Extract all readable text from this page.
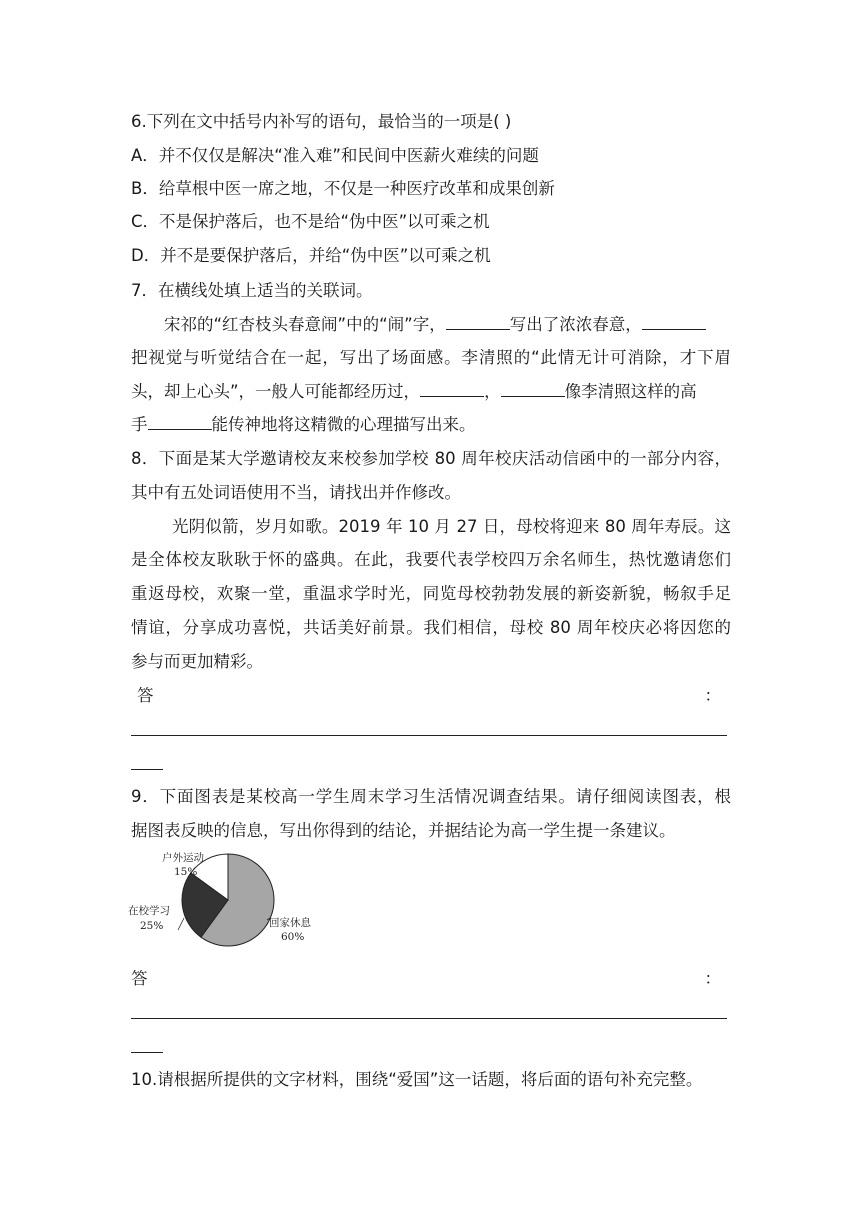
6.下列在文中括号内补写的语句，最恰当的一项是( )
A．并不仅仅是解决“准入难”和民间中医薪火难续的问题
B．给草根中医一席之地，不仅是一种医疗改革和成果创新
C．不是保护落后，也不是给“伪中医”以可乘之机
D．并不是要保护落后，并给“伪中医”以可乘之机
7．在横线处填上适当的关联词。
宋祁的“红杏枝头春意闹”中的“闹”字，	写出了浓浓春意，
把视觉与听觉结合在一起，写出了场面感。李清照的“此情无计可消除，才下眉
头，却上心头”，一般人可能都经历过，	，	像李清照这样的高
手	能传神地将这精微的心理描写出来。
8．下面是某大学邀请校友来校参加学校 80 周年校庆活动信函中的一部分内容，
其中有五处词语使用不当，请找出并作修改。
光阴似箭，岁月如歌。2019 年 10 月 27 日，母校将迎来 80 周年寿辰。这
是全体校友耿耿于怀的盛典。在此，我要代表学校四万余名师生，热忱邀请您们
重返母校，欢聚一堂，重温求学时光，同览母校勃勃发展的新姿新貌，畅叙手足
情谊，分享成功喜悦，共话美好前景。我们相信，母校 80 周年校庆必将因您的
参与而更加精彩。
答	：
9．下面图表是某校高一学生周末学习生活情况调查结果。请仔细阅读图表，根
据图表反映的信息，写出你得到的结论，并据结论为高一学生提一条建议。
户外运动
15%
在校学习
25%	回家休息
60%
答	：
10.请根据所提供的文字材料，围绕“爱国”这一话题，将后面的语句补充完整。
